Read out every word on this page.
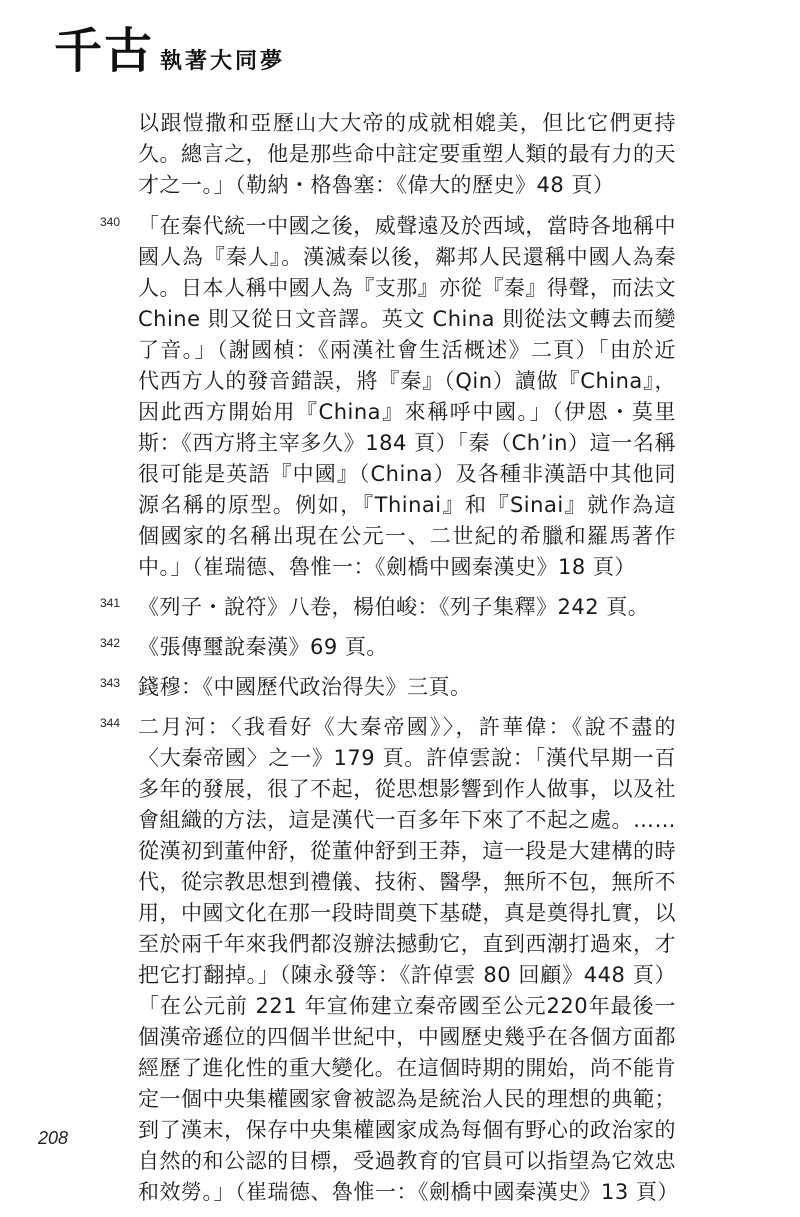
千古 執著大同夢
以跟愷撒和亞歷山大大帝的成就相媲美，但比它們更持久。總言之，他是那些命中註定要重塑人類的最有力的天才之一。」（勒納・格魯塞：《偉大的歷史》48 頁）
340 「在秦代統一中國之後，威聲遠及於西域，當時各地稱中國人為『秦人』。漢滅秦以後，鄰邦人民還稱中國人為秦人。日本人稱中國人為『支那』亦從『秦』得聲，而法文 Chine 則又從日文音譯。英文 China 則從法文轉去而變了音。」（謝國楨：《兩漢社會生活概述》二頁）「由於近代西方人的發音錯誤，將『秦』（Qin）讀做『China』，因此西方開始用『China』來稱呼中國。」（伊恩・莫里斯：《西方將主宰多久》184 頁）「秦（Ch’in）這一名稱很可能是英語『中國』（China）及各種非漢語中其他同源名稱的原型。例如，『Thinai』和『Sinai』就作為這個國家的名稱出現在公元一、二世紀的希臘和羅馬著作中。」（崔瑞德、魯惟一：《劍橋中國秦漢史》18 頁）
341 《列子・說符》八卷，楊伯峻：《列子集釋》242 頁。
342 《張傳璽說秦漢》69 頁。
343 錢穆：《中國歷代政治得失》三頁。
344 二月河：〈我看好《大秦帝國》〉，許華偉：《說不盡的〈大秦帝國〉之一》179 頁。許倬雲說：「漢代早期一百多年的發展，很了不起，從思想影響到作人做事，以及社會組織的方法，這是漢代一百多年下來了不起之處。…… 從漢初到董仲舒，從董仲舒到王莽，這一段是大建構的時代，從宗教思想到禮儀、技術、醫學，無所不包，無所不用，中國文化在那一段時間奠下基礎，真是奠得扎實，以至於兩千年來我們都沒辦法撼動它，直到西潮打過來，才把它打翻掉。」（陳永發等：《許倬雲 80 回顧》448 頁）「在公元前 221 年宣佈建立秦帝國至公元220年最後一個漢帝遜位的四個半世紀中，中國歷史幾乎在各個方面都經歷了進化性的重大變化。在這個時期的開始，尚不能肯定一個中央集權國家會被認為是統治人民的理想的典範；到了漢末，保存中央集權國家成為每個有野心的政治家的自然的和公認的目標，受過教育的官員可以指望為它效忠和效勞。」（崔瑞德、魯惟一：《劍橋中國秦漢史》13 頁）
208
